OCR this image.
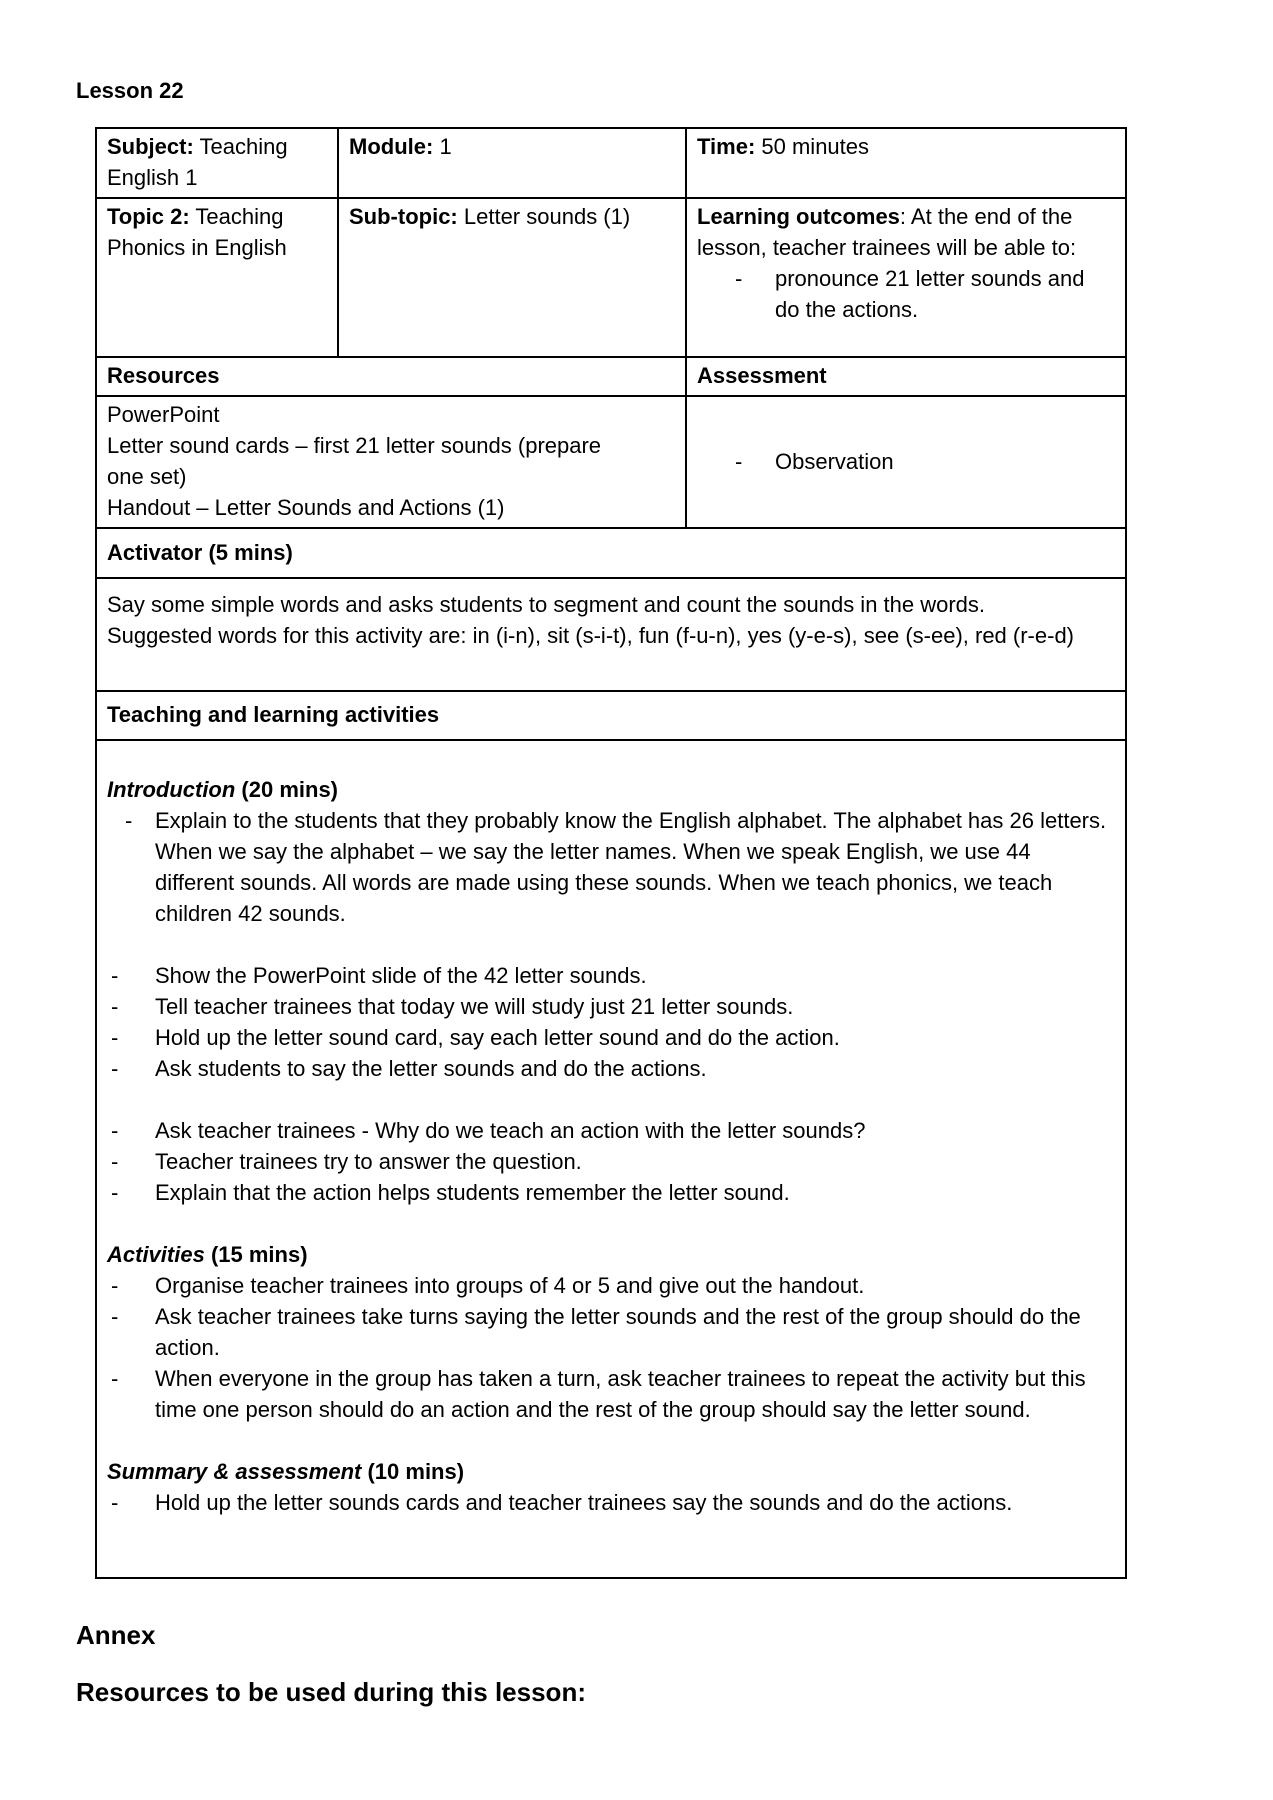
Lesson 22
Subject: Teaching English 1	Module: 1	Time: 50 minutes
Topic 2: Teaching Phonics in English	Sub-topic: Letter sounds (1)	Learning outcomes: At the end of the lesson, teacher trainees will be able to:
- pronounce 21 letter sounds and do the actions.

Resources		Assessment

PowerPoint
Letter sound cards – first 21 letter sounds (prepare one set)
Handout – Letter Sounds and Actions (1)

- Observation

Activator (5 mins)		

Say some simple words and asks students to segment and count the sounds in the words.
Suggested words for this activity are: in (i-n), sit (s-i-t), fun (f-u-n), yes (y-e-s), see (s-ee), red (r-e-d)		

Teaching and learning activities		

Introduction (20 mins)
- Explain to the students that they probably know the English alphabet. The alphabet has 26 letters. When we say the alphabet – we say the letter names. When we speak English, we use 44 different sounds. All words are made using these sounds. When we teach phonics, we teach children 42 sounds.
- Show the PowerPoint slide of the 42 letter sounds.
- Tell teacher trainees that today we will study just 21 letter sounds.
- Hold up the letter sound card, say each letter sound and do the action.
- Ask students to say the letter sounds and do the actions.
- Ask teacher trainees - Why do we teach an action with the letter sounds?
- Teacher trainees try to answer the question.
- Explain that the action helps students remember the letter sound.
Activities (15 mins)
- Organise teacher trainees into groups of 4 or 5 and give out the handout.
- Ask teacher trainees take turns saying the letter sounds and the rest of the group should do the action.
- When everyone in the group has taken a turn, ask teacher trainees to repeat the activity but this time one person should do an action and the rest of the group should say the letter sound.
Summary & assessment (10 mins)
- Hold up the letter sounds cards and teacher trainees say the sounds and do the actions.
Annex
Resources to be used during this lesson:
